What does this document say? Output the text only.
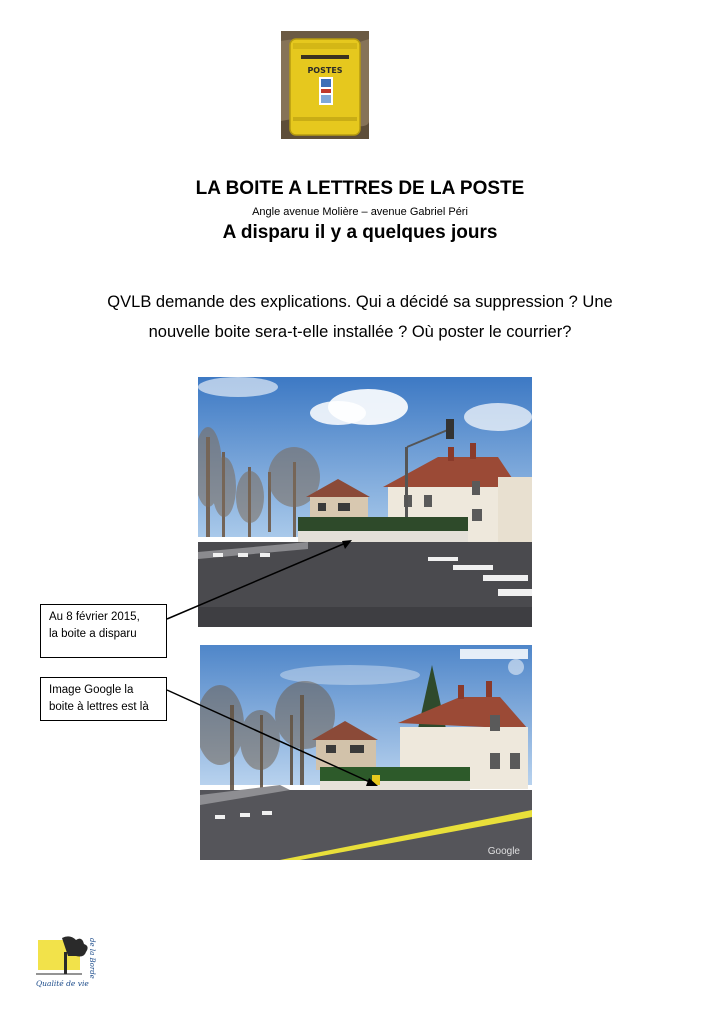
POSTES
LA BOITE A LETTRES DE LA POSTE
Angle avenue Molière – avenue Gabriel Péri
A disparu il y a quelques jours
QVLB demande des explications. Qui a décidé sa suppression ? Une
nouvelle boite sera-t-elle installée ? Où poster le courrier?
Google
Au 8 février 2015,
la boite a disparu
Image Google la
boite à lettres est là
Qualité de vie
de la Borde
